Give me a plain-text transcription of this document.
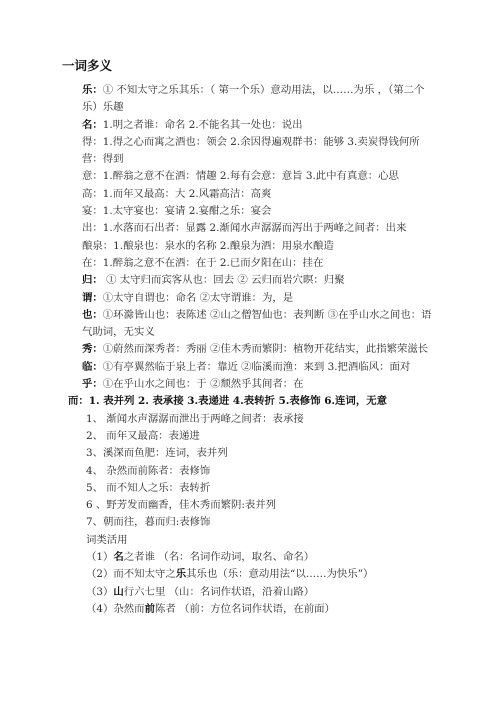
一词多义
乐：① 不知太守之乐其乐：（ 第一个乐）意动用法，以……为乐 ，（第二个乐）乐趣
名：1.明之者谁：命名 2.不能名其一处也：说出
得：1.得之心而寓之酒也：领会 2.余因得遍观群书：能够 3.卖炭得钱何所营：得到
意：1.醉翁之意不在酒：情趣 2.每有会意：意旨 3.此中有真意：心思
高：1.而年又最高：大 2.风霜高洁：高爽
宴：1.太守宴也：宴请 2.宴酣之乐：宴会
出：1.水落而石出者：显露 2.渐闻水声潺潺而泻出于两峰之间者：出来
酿泉：1.酿泉也：泉水的名称 2.酿泉为酒：用泉水酿造
在：1.醉翁之意不在酒：在于 2.已而夕阳在山：挂在
归： ① 太守归而宾客从也：回去 ② 云归而岩穴暝：归聚
谓：①太守自谓也：命名 ②太守谓谁：为，是
也：①环滁皆山也：表陈述 ②山之僧智仙也：表判断 ③在乎山水之间也：语气助词，无实义
秀：①蔚然而深秀者：秀丽 ②佳木秀而繁阴：植物开花结实，此指繁荣滋长
临：①有亭翼然临于泉上者：靠近 ②临溪而渔：来到 3.把酒临风：面对
乎：①在乎山水之间也：于 ②颓然乎其间者：在
而：1. 表并列 2. 表承接 3.表递进 4.表转折 5.表修饰 6.连词，无意
1、 渐闻水声潺潺而泄出于两峰之间者：表承接
2、 而年又最高：表递进
3、溪深而鱼肥：连词，表并列
4、 杂然而前陈者：表修饰
5、 而不知人之乐：表转折
6 、野芳发而幽香，佳木秀而繁阴:表并列
7、朝而往，暮而归:表修饰
词类活用
（1）名之者谁 （名：名词作动词，取名、命名）
（2）而不知太守之乐其乐也（乐：意动用法“以……为快乐”）
（3）山行六七里 （山：名词作状语，沿着山路）
（4）杂然而前陈者 （前：方位名词作状语，在前面）
